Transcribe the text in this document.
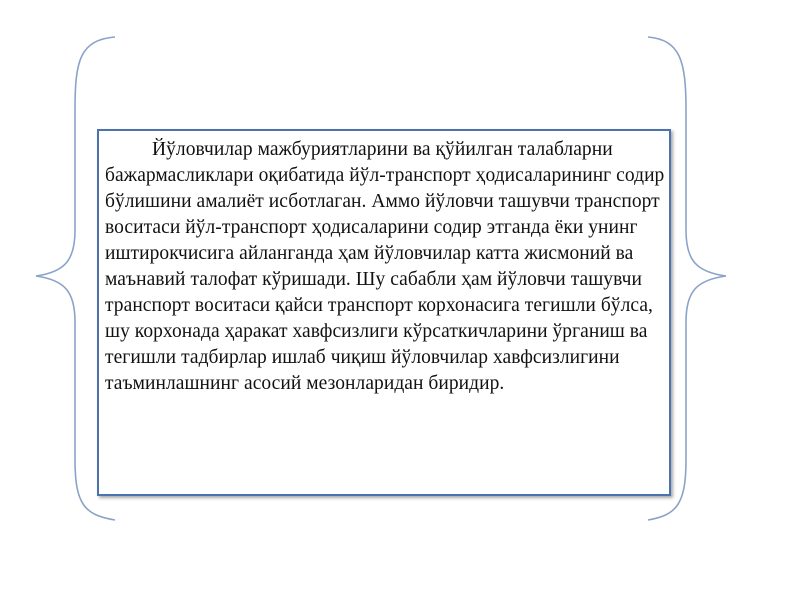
Йўловчилар мажбуриятларини ва қўйилган талабларни бажармасликлари оқибатида йўл-транспорт ҳодисаларининг содир бўлишини амалиёт исботлаган. Аммо йўловчи ташувчи транспорт воситаси йўл-транспорт ҳодисаларини содир этганда ёки унинг иштирокчисига айланганда ҳам йўловчилар катта жисмоний ва маънавий талофат кўришади. Шу сабабли ҳам йўловчи ташувчи транспорт воситаси қайси транспорт корхонасига тегишли бўлса, шу корхонада ҳаракат хавфсизлиги кўрсаткичларини ўрганиш ва тегишли тадбирлар ишлаб чиқиш йўловчилар хавфсизлигини таъминлашнинг асосий мезонларидан биридир.
